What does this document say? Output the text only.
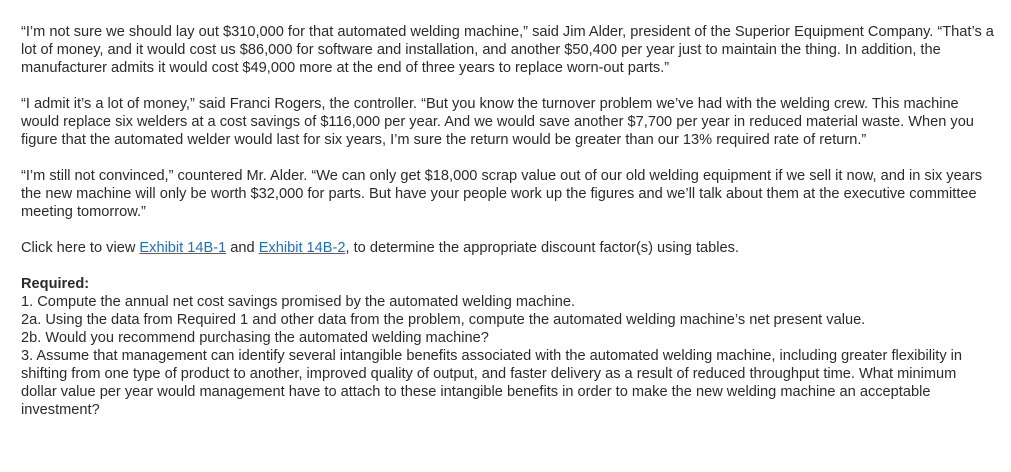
“I’m not sure we should lay out $310,000 for that automated welding machine,” said Jim Alder, president of the Superior Equipment Company. “That’s a lot of money, and it would cost us $86,000 for software and installation, and another $50,400 per year just to maintain the thing. In addition, the manufacturer admits it would cost $49,000 more at the end of three years to replace worn-out parts.”

“I admit it’s a lot of money,” said Franci Rogers, the controller. “But you know the turnover problem we’ve had with the welding crew. This machine would replace six welders at a cost savings of $116,000 per year. And we would save another $7,700 per year in reduced material waste. When you figure that the automated welder would last for six years, I’m sure the return would be greater than our 13% required rate of return.”

“I’m still not convinced,” countered Mr. Alder. “We can only get $18,000 scrap value out of our old welding equipment if we sell it now, and in six years the new machine will only be worth $32,000 for parts. But have your people work up the figures and we’ll talk about them at the executive committee meeting tomorrow.”

Click here to view Exhibit 14B-1 and Exhibit 14B-2, to determine the appropriate discount factor(s) using tables.

Required:

1. Compute the annual net cost savings promised by the automated welding machine.

2a. Using the data from Required 1 and other data from the problem, compute the automated welding machine’s net present value.

2b. Would you recommend purchasing the automated welding machine?

3. Assume that management can identify several intangible benefits associated with the automated welding machine, including greater flexibility in shifting from one type of product to another, improved quality of output, and faster delivery as a result of reduced throughput time. What minimum dollar value per year would management have to attach to these intangible benefits in order to make the new welding machine an acceptable investment?
